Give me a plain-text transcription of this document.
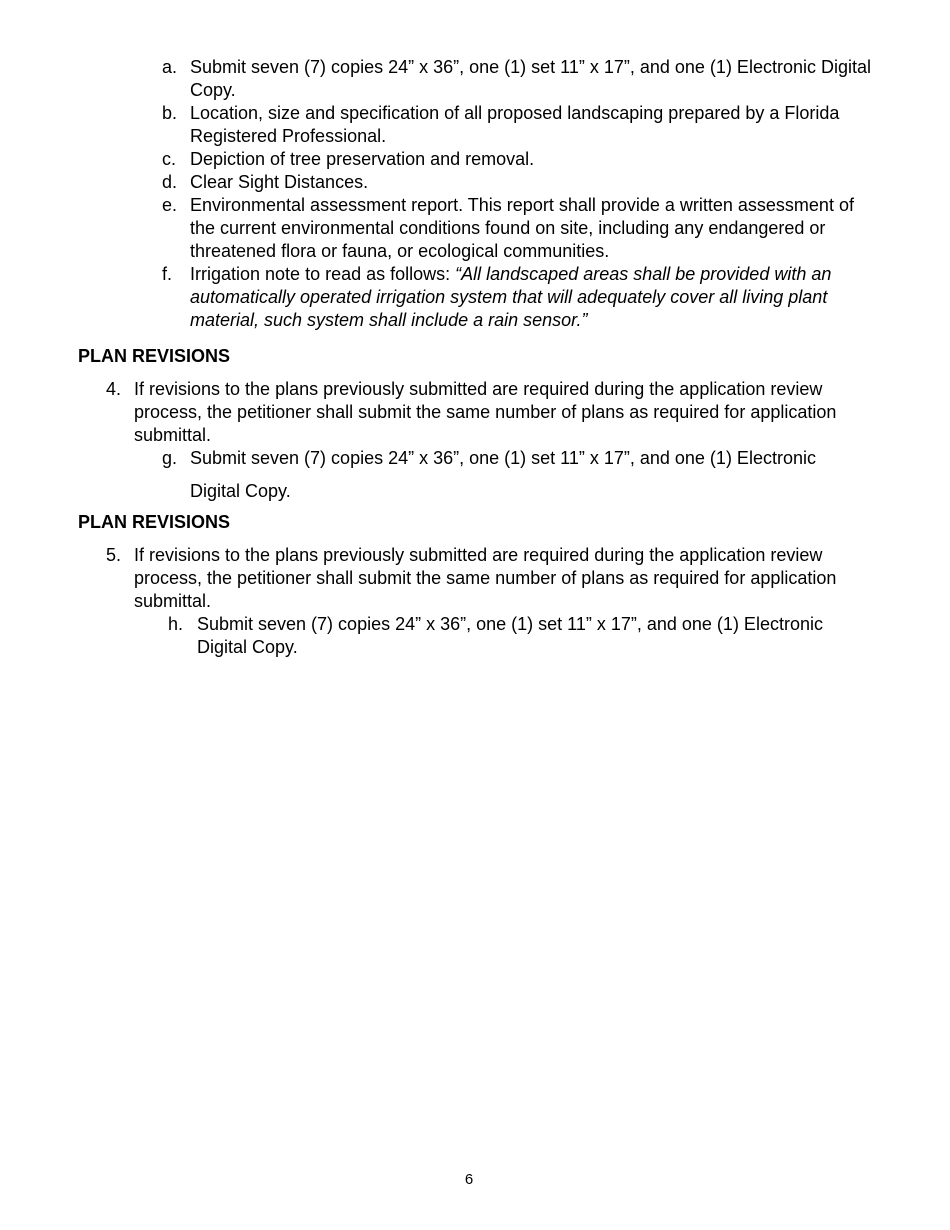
a. Submit seven (7) copies 24” x 36”, one (1) set 11” x 17”, and one (1) Electronic Digital Copy.
b. Location, size and specification of all proposed landscaping prepared by a Florida Registered Professional.
c. Depiction of tree preservation and removal.
d. Clear Sight Distances.
e. Environmental assessment report. This report shall provide a written assessment of the current environmental conditions found on site, including any endangered or threatened flora or fauna, or ecological communities.
f. Irrigation note to read as follows: “All landscaped areas shall be provided with an automatically operated irrigation system that will adequately cover all living plant material, such system shall include a rain sensor.”
PLAN REVISIONS
4. If revisions to the plans previously submitted are required during the application review process, the petitioner shall submit the same number of plans as required for application submittal.
g. Submit seven (7) copies 24” x 36”, one (1) set 11” x 17”, and one (1) Electronic
Digital Copy.
PLAN REVISIONS
5. If revisions to the plans previously submitted are required during the application review process, the petitioner shall submit the same number of plans as required for application submittal.
h. Submit seven (7) copies 24” x 36”, one (1) set 11” x 17”, and one (1) Electronic Digital Copy.
6
